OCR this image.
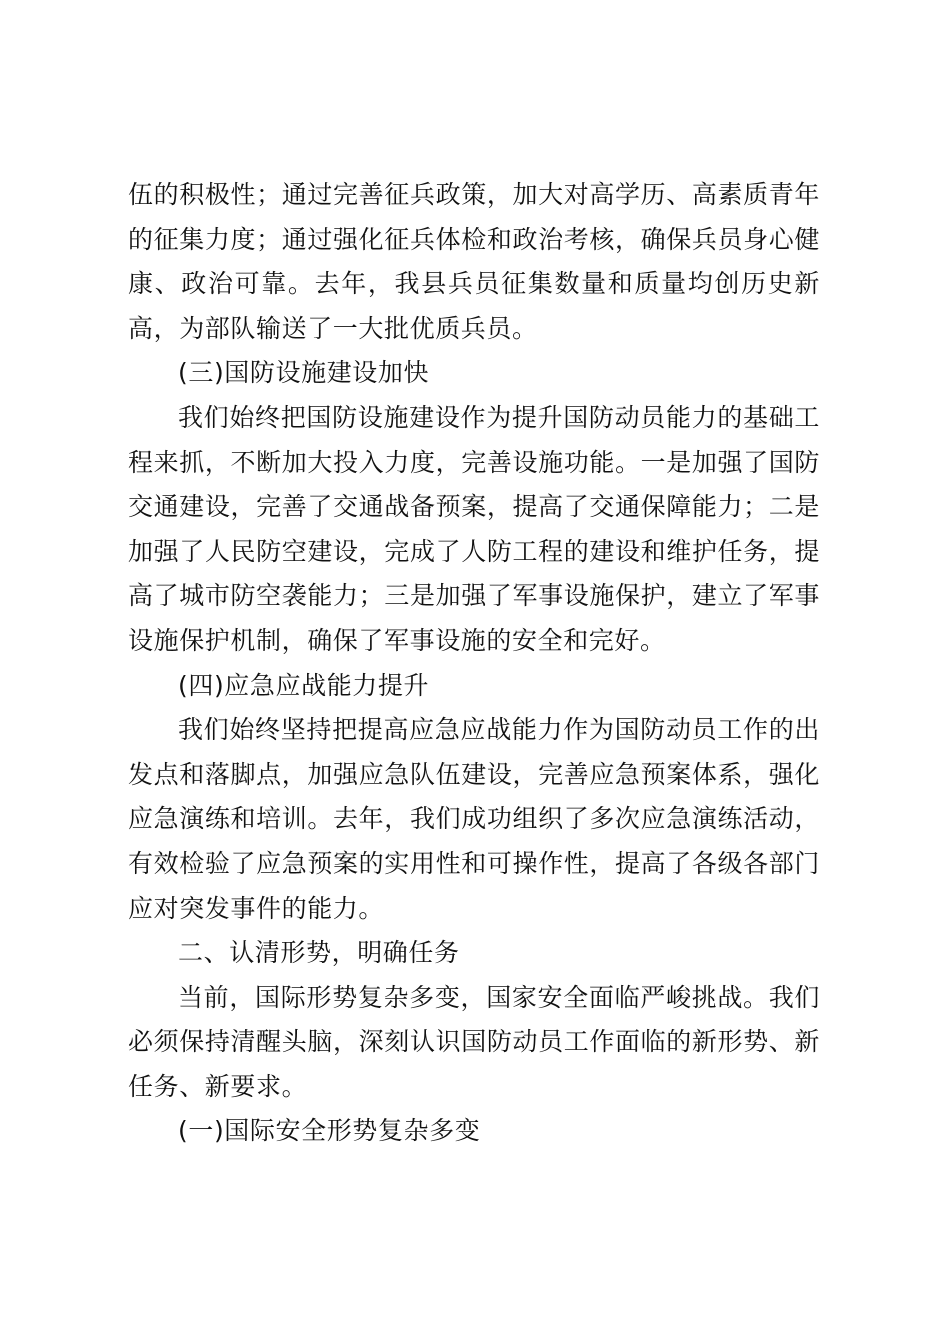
伍的积极性；通过完善征兵政策，加大对高学历、高素质青年的征集力度；通过强化征兵体检和政治考核，确保兵员身心健康、政治可靠。去年，我县兵员征集数量和质量均创历史新高，为部队输送了一大批优质兵员。

(三)国防设施建设加快

我们始终把国防设施建设作为提升国防动员能力的基础工程来抓，不断加大投入力度，完善设施功能。一是加强了国防交通建设，完善了交通战备预案，提高了交通保障能力；二是加强了人民防空建设，完成了人防工程的建设和维护任务，提高了城市防空袭能力；三是加强了军事设施保护，建立了军事设施保护机制，确保了军事设施的安全和完好。

(四)应急应战能力提升

我们始终坚持把提高应急应战能力作为国防动员工作的出发点和落脚点，加强应急队伍建设，完善应急预案体系，强化应急演练和培训。去年，我们成功组织了多次应急演练活动，有效检验了应急预案的实用性和可操作性，提高了各级各部门应对突发事件的能力。

二、认清形势，明确任务

当前，国际形势复杂多变，国家安全面临严峻挑战。我们必须保持清醒头脑，深刻认识国防动员工作面临的新形势、新任务、新要求。

(一)国际安全形势复杂多变
